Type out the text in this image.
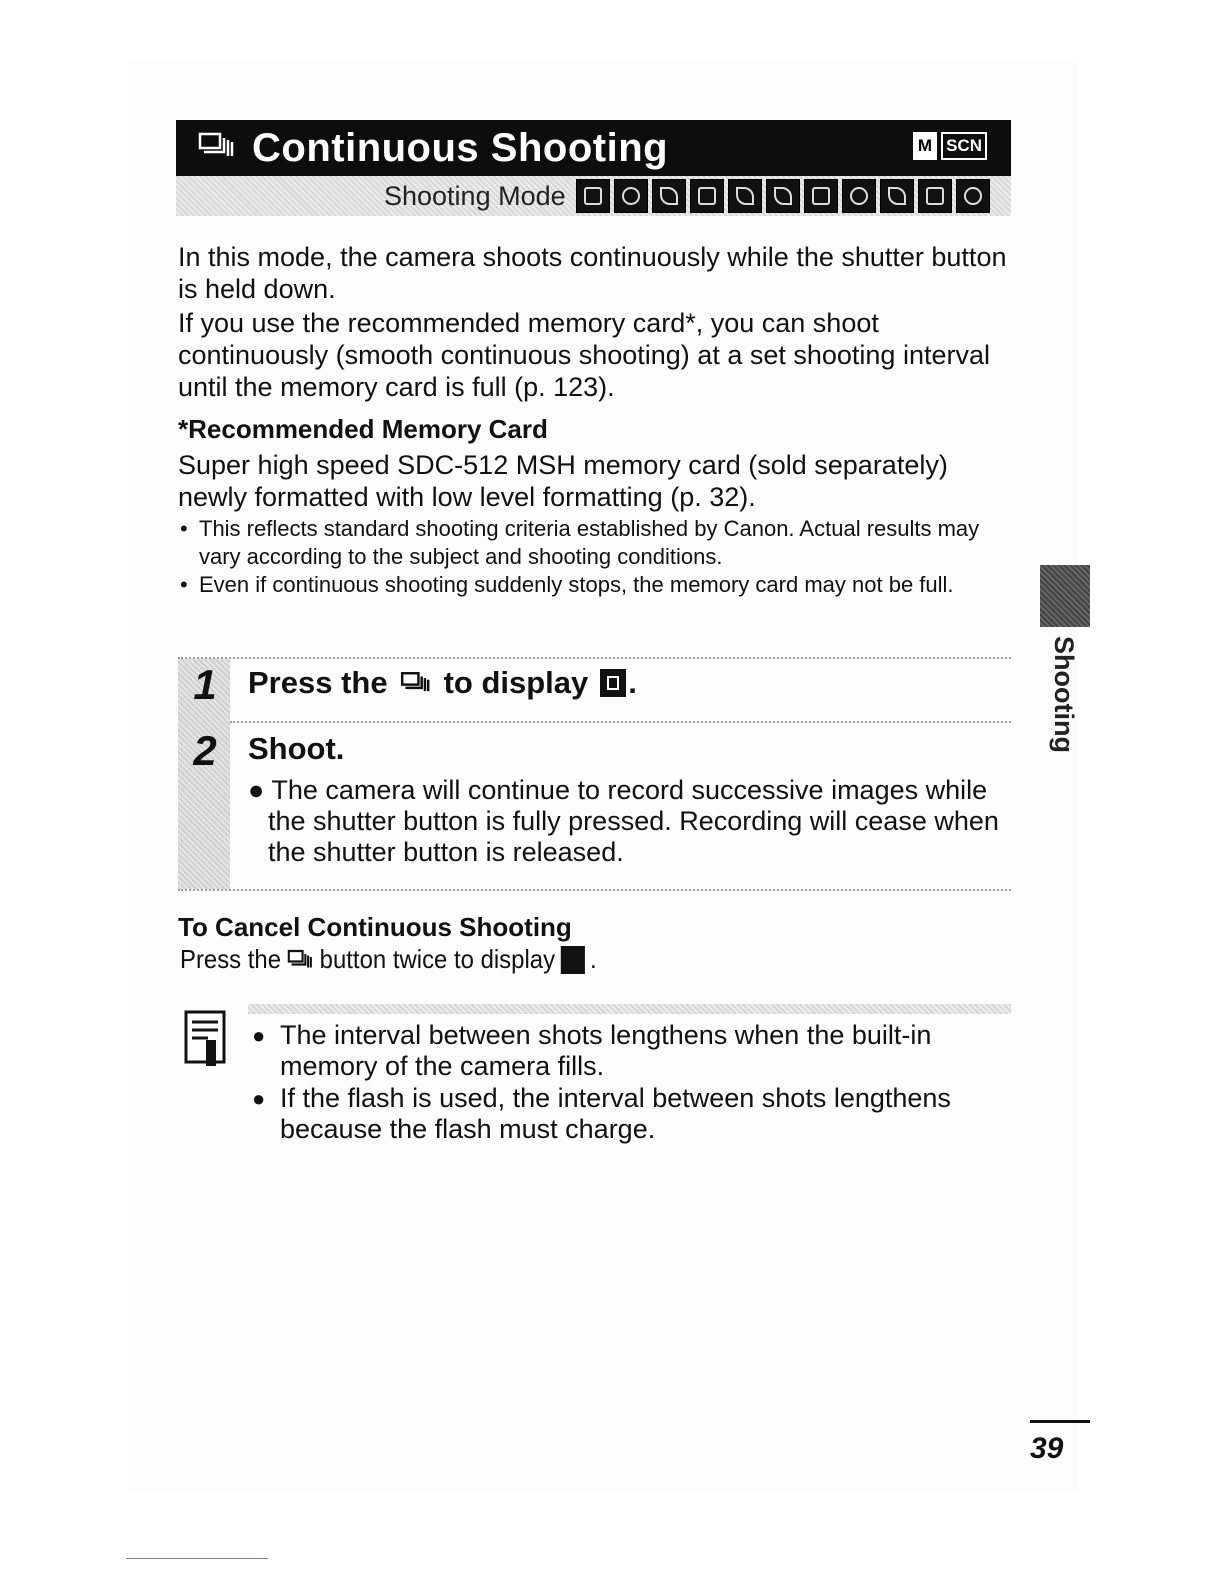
Continuous Shooting	M SCN
Shooting Mode

In this mode, the camera shoots continuously while the shutter button is held down.

If you use the recommended memory card*, you can shoot continuously (smooth continuous shooting) at a set shooting interval until the memory card is full (p. 123).

*Recommended Memory Card

Super high speed SDC-512 MSH memory card (sold separately) newly formatted with low level formatting (p. 32).

• This reflects standard shooting criteria established by Canon. Actual results may vary according to the subject and shooting conditions.
• Even if continuous shooting suddenly stops, the memory card may not be full.
1	Press the to display .
2	Shoot.

● The camera will continue to record successive images while the shutter button is fully pressed. Recording will cease when the shutter button is released.

To Cancel Continuous Shooting

Press the button twice to display .

● The interval between shots lengthens when the built-in memory of the camera fills.
● If the flash is used, the interval between shots lengthens because the flash must charge.
Shooting
39
